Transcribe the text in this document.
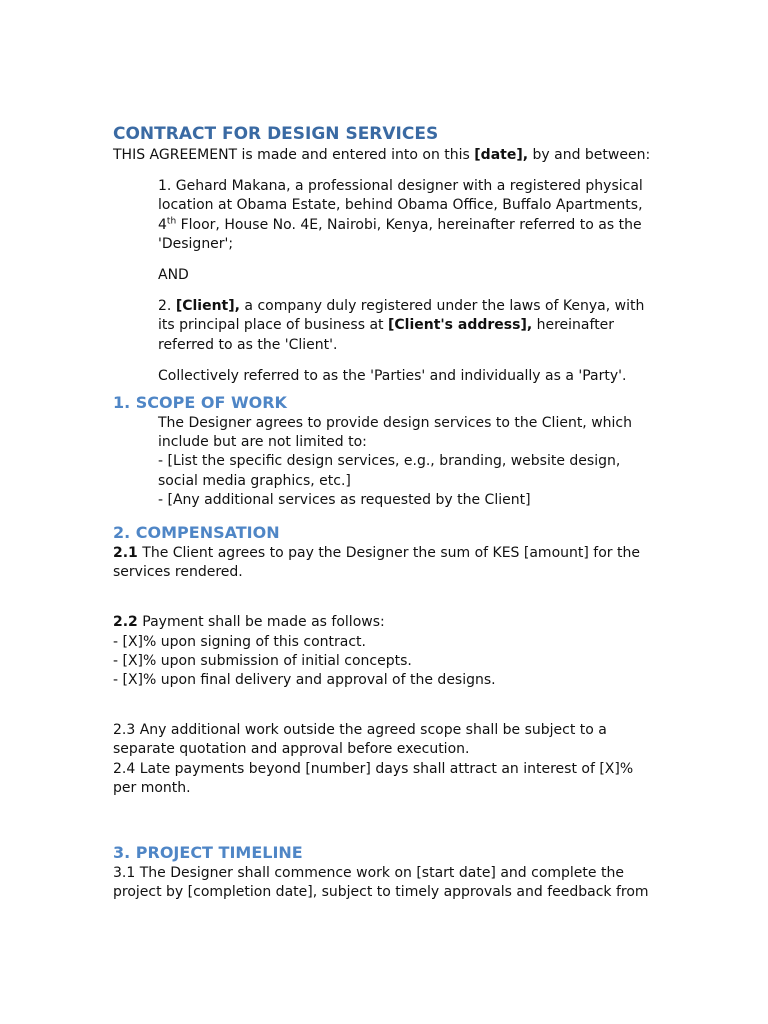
CONTRACT FOR DESIGN SERVICES

THIS AGREEMENT is made and entered into on this [date], by and between:

1. Gehard Makana, a professional designer with a registered physical location at Obama Estate, behind Obama Office, Buffalo Apartments, 4th Floor, House No. 4E, Nairobi, Kenya, hereinafter referred to as the 'Designer';

AND

2. [Client], a company duly registered under the laws of Kenya, with its principal place of business at [Client's address], hereinafter referred to as the 'Client'.

Collectively referred to as the 'Parties' and individually as a 'Party'.

1. SCOPE OF WORK

The Designer agrees to provide design services to the Client, which include but are not limited to:

- [List the specific design services, e.g., branding, website design, social media graphics, etc.]

- [Any additional services as requested by the Client]

2. COMPENSATION

2.1 The Client agrees to pay the Designer the sum of KES [amount] for the services rendered.

2.2 Payment shall be made as follows:

- [X]% upon signing of this contract.

- [X]% upon submission of initial concepts.

- [X]% upon final delivery and approval of the designs.

2.3 Any additional work outside the agreed scope shall be subject to a separate quotation and approval before execution.

2.4 Late payments beyond [number] days shall attract an interest of [X]% per month.

3. PROJECT TIMELINE

3.1 The Designer shall commence work on [start date] and complete the project by [completion date], subject to timely approvals and feedback from
